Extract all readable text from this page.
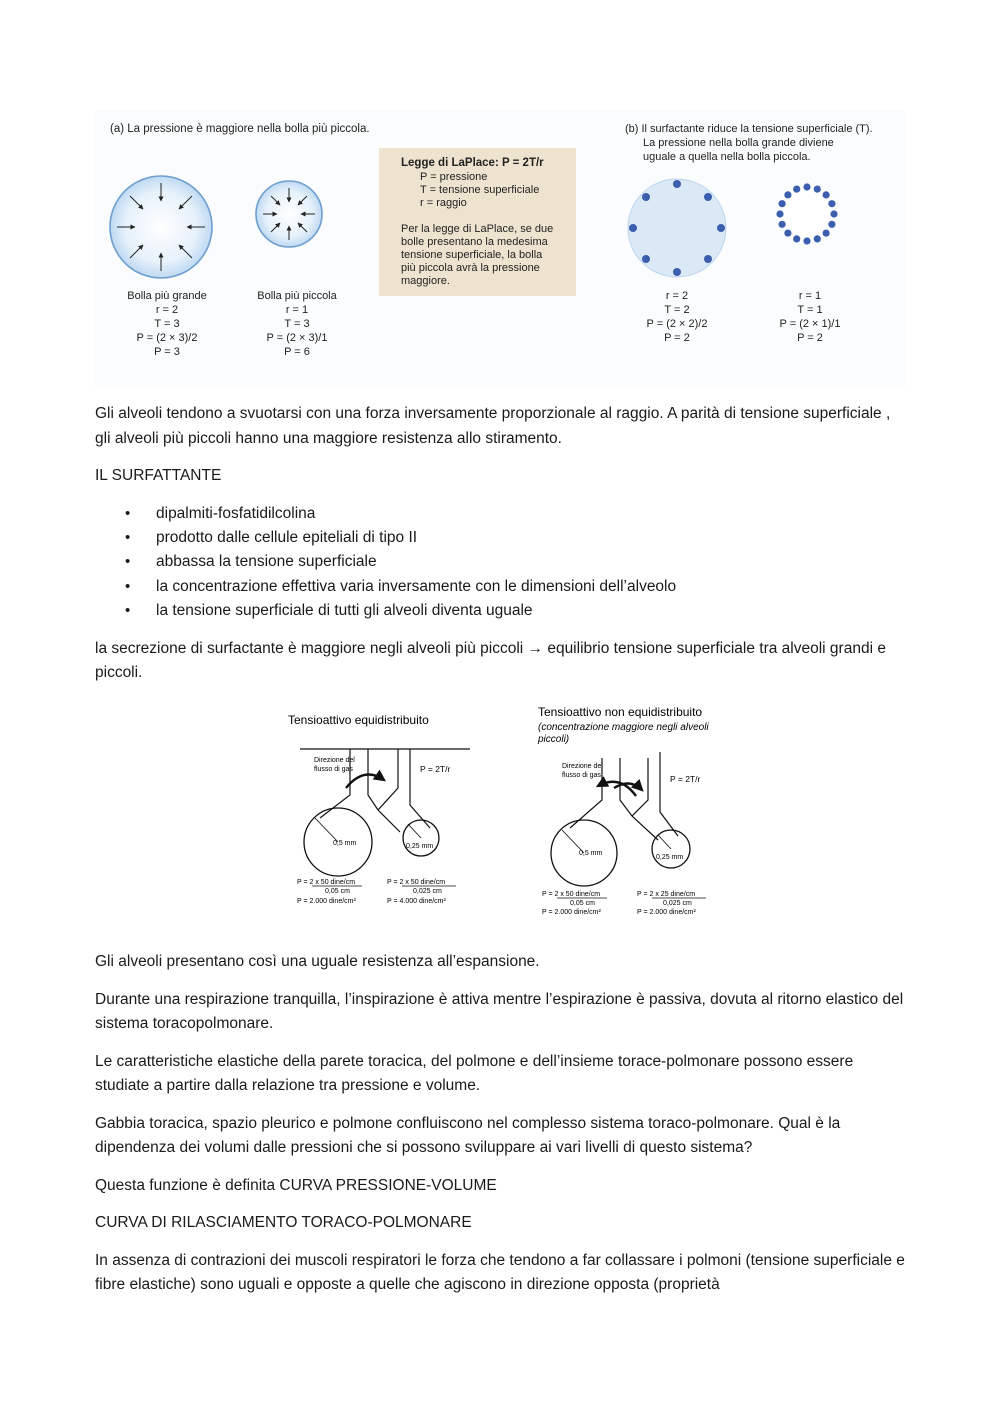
(a) La pressione è maggiore nella bolla più piccola.
Bolla più grande
r = 2
T = 3
P = (2 × 3)/2
P = 3
Bolla più piccola
r = 1
T = 3
P = (2 × 3)/1
P = 6
Legge di LaPlace: P = 2T/r
P = pressione
T = tensione superficiale
r = raggio
Per la legge di LaPlace, se due
bolle presentano la medesima
tensione superficiale, la bolla
più piccola avrà la pressione
maggiore.
(b) Il surfactante riduce la tensione superficiale (T).
La pressione nella bolla grande diviene
uguale a quella nella bolla piccola.
r = 2
T = 2
P = (2 × 2)/2
P = 2
r = 1
T = 1
P = (2 × 1)/1
P = 2

Gli alveoli tendono a svuotarsi con una forza inversamente proporzionale al raggio. A parità di tensione superficiale , gli alveoli più piccoli hanno una maggiore resistenza allo stiramento.

IL SURFATTANTE

• dipalmiti-fosfatidilcolina
• prodotto dalle cellule epiteliali di tipo II
• abbassa la tensione superficiale
• la concentrazione effettiva varia inversamente con le dimensioni dell’alveolo
• la tensione superficiale di tutti gli alveoli diventa uguale

la secrezione di surfactante è maggiore negli alveoli più piccoli → equilibrio tensione superficiale tra alveoli grandi e piccoli.

Tensioattivo equidistribuito
Direzione del
flusso di gas	P = 2T/r
0,5 mm	0,25 mm
P = 2 x 50 dine/cm
0,05 cm
P = 2.000 dine/cm²
P = 2 x 50 dine/cm
0,025 cm
P = 4.000 dine/cm²
Tensioattivo non equidistribuito
(concentrazione maggiore negli alveoli
piccoli)
Direzione del
flusso di gas	P = 2T/r
0,5 mm
0,25 mm
P = 2 x 50 dine/cm
0,05 cm
P = 2.000 dine/cm²
P = 2 x 25 dine/cm
0,025 cm
P = 2.000 dine/cm²

Gli alveoli presentano così una uguale resistenza all’espansione.

Durante una respirazione tranquilla, l’inspirazione è attiva mentre l’espirazione è passiva, dovuta al ritorno elastico del sistema toracopolmonare.

Le caratteristiche elastiche della parete toracica, del polmone e dell’insieme torace-polmonare possono essere studiate a partire dalla relazione tra pressione e volume.

Gabbia toracica, spazio pleurico e polmone confluiscono nel complesso sistema toraco-polmonare. Qual è la dipendenza dei volumi dalle pressioni che si possono sviluppare ai vari livelli di questo sistema?

Questa funzione è definita CURVA PRESSIONE-VOLUME

CURVA DI RILASCIAMENTO TORACO-POLMONARE

In assenza di contrazioni dei muscoli respiratori le forza che tendono a far collassare i polmoni (tensione superficiale e fibre elastiche) sono uguali e opposte a quelle che agiscono in direzione opposta (proprietà
